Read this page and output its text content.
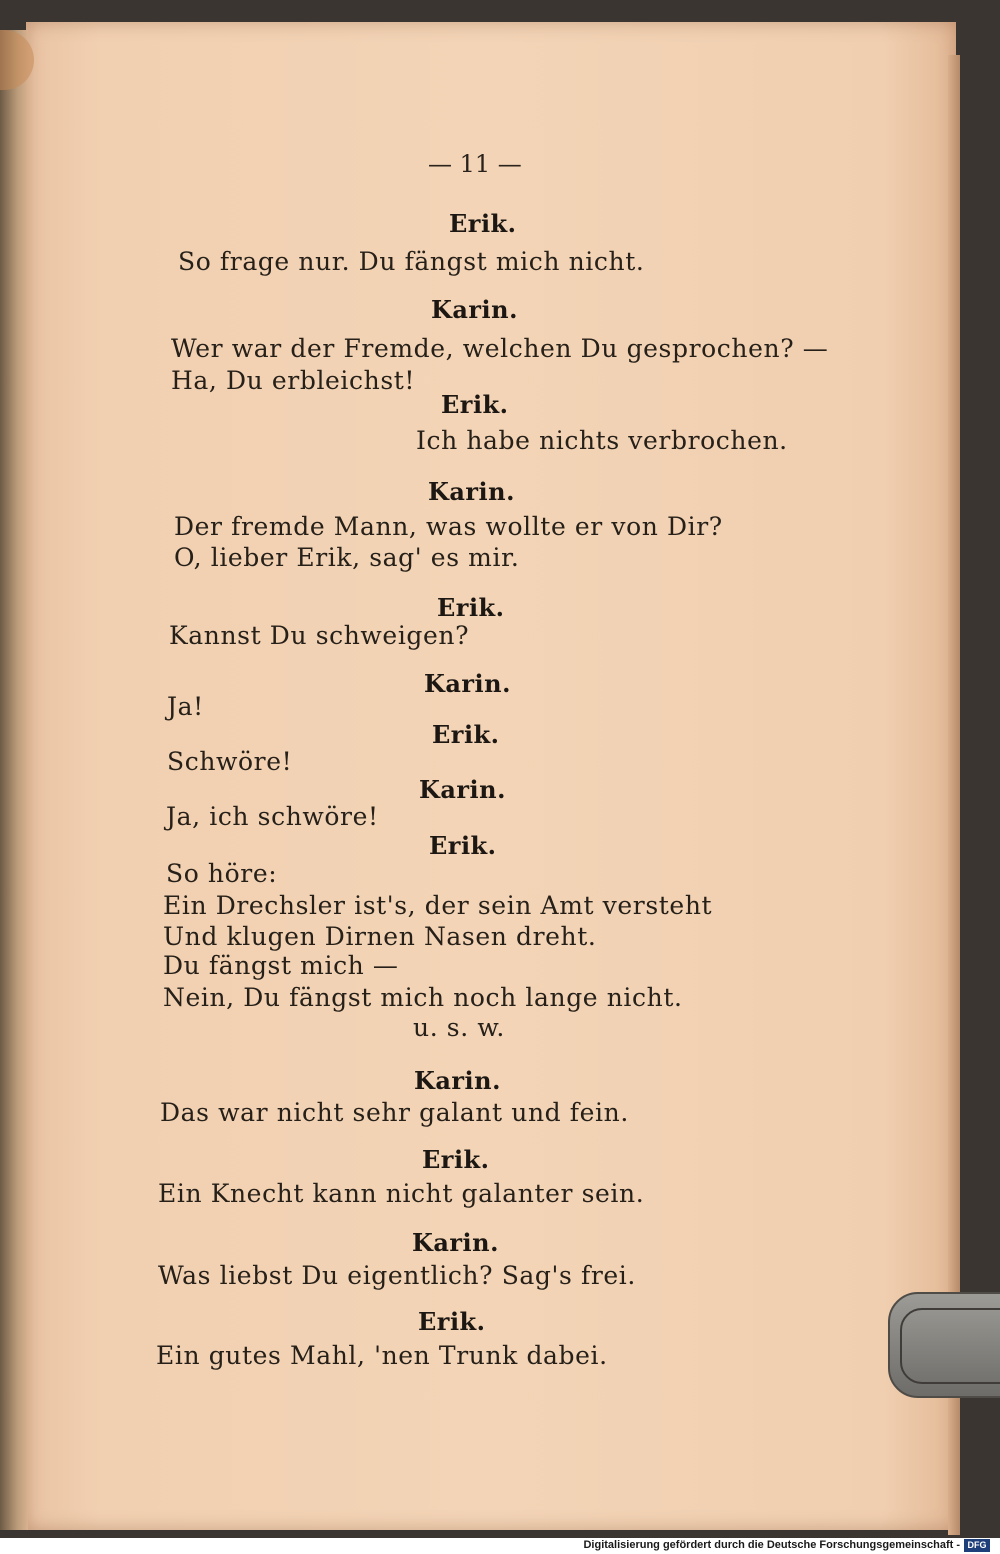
— 11 —
Erik.
So frage nur. Du fängst mich nicht.
Karin.
Wer war der Fremde, welchen Du gesprochen? —
Ha, Du erbleichst!
Erik.
Ich habe nichts verbrochen.
Karin.
Der fremde Mann, was wollte er von Dir?
O, lieber Erik, sag' es mir.
Erik.
Kannst Du schweigen?
Karin.
Ja!
Erik.
Schwöre!
Karin.
Ja, ich schwöre!
Erik.
So höre:
Ein Drechsler ist's, der sein Amt versteht
Und klugen Dirnen Nasen dreht.
Du fängst mich —
Nein, Du fängst mich noch lange nicht.
u. s. w.
Karin.
Das war nicht sehr galant und fein.
Erik.
Ein Knecht kann nicht galanter sein.
Karin.
Was liebst Du eigentlich? Sag's frei.
Erik.
Ein gutes Mahl, 'nen Trunk dabei.
Digitalisierung gefördert durch die Deutsche Forschungsgemeinschaft - DFG
